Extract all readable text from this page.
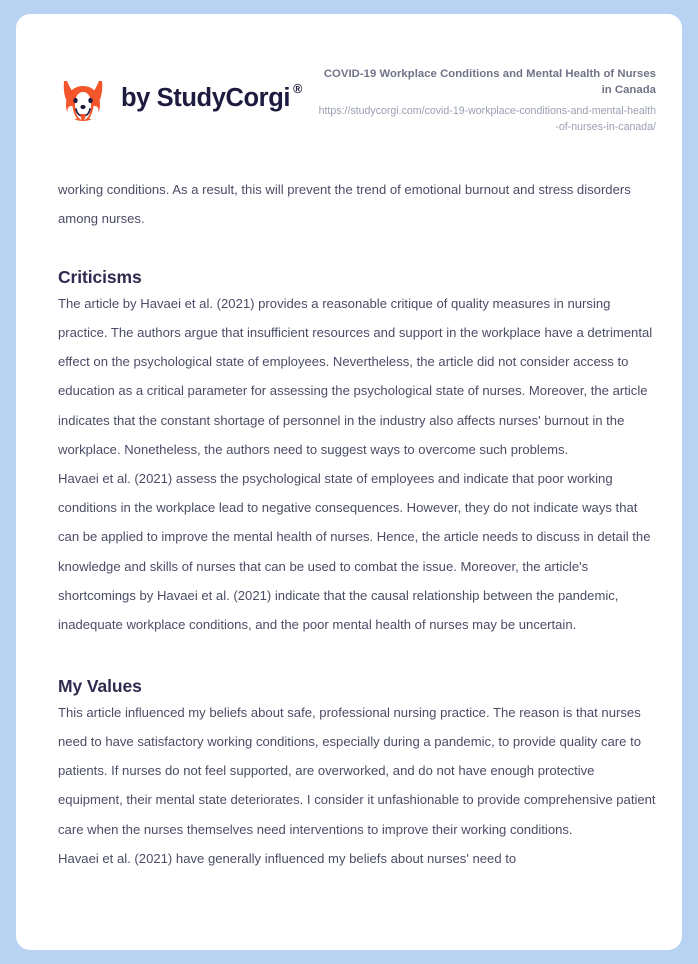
by StudyCorgi ®

COVID-19 Workplace Conditions and Mental Health of Nurses in Canada

https://studycorgi.com/covid-19-workplace-conditions-and-mental-health-of-nurses-in-canada/

working conditions. As a result, this will prevent the trend of emotional burnout and stress disorders among nurses.

Criticisms

The article by Havaei et al. (2021) provides a reasonable critique of quality measures in nursing practice. The authors argue that insufficient resources and support in the workplace have a detrimental effect on the psychological state of employees. Nevertheless, the article did not consider access to education as a critical parameter for assessing the psychological state of nurses. Moreover, the article indicates that the constant shortage of personnel in the industry also affects nurses' burnout in the workplace. Nonetheless, the authors need to suggest ways to overcome such problems.

Havaei et al. (2021) assess the psychological state of employees and indicate that poor working conditions in the workplace lead to negative consequences. However, they do not indicate ways that can be applied to improve the mental health of nurses. Hence, the article needs to discuss in detail the knowledge and skills of nurses that can be used to combat the issue. Moreover, the article's shortcomings by Havaei et al. (2021) indicate that the causal relationship between the pandemic, inadequate workplace conditions, and the poor mental health of nurses may be uncertain.

My Values

This article influenced my beliefs about safe, professional nursing practice. The reason is that nurses need to have satisfactory working conditions, especially during a pandemic, to provide quality care to patients. If nurses do not feel supported, are overworked, and do not have enough protective equipment, their mental state deteriorates. I consider it unfashionable to provide comprehensive patient care when the nurses themselves need interventions to improve their working conditions.

Havaei et al. (2021) have generally influenced my beliefs about nurses' need to
